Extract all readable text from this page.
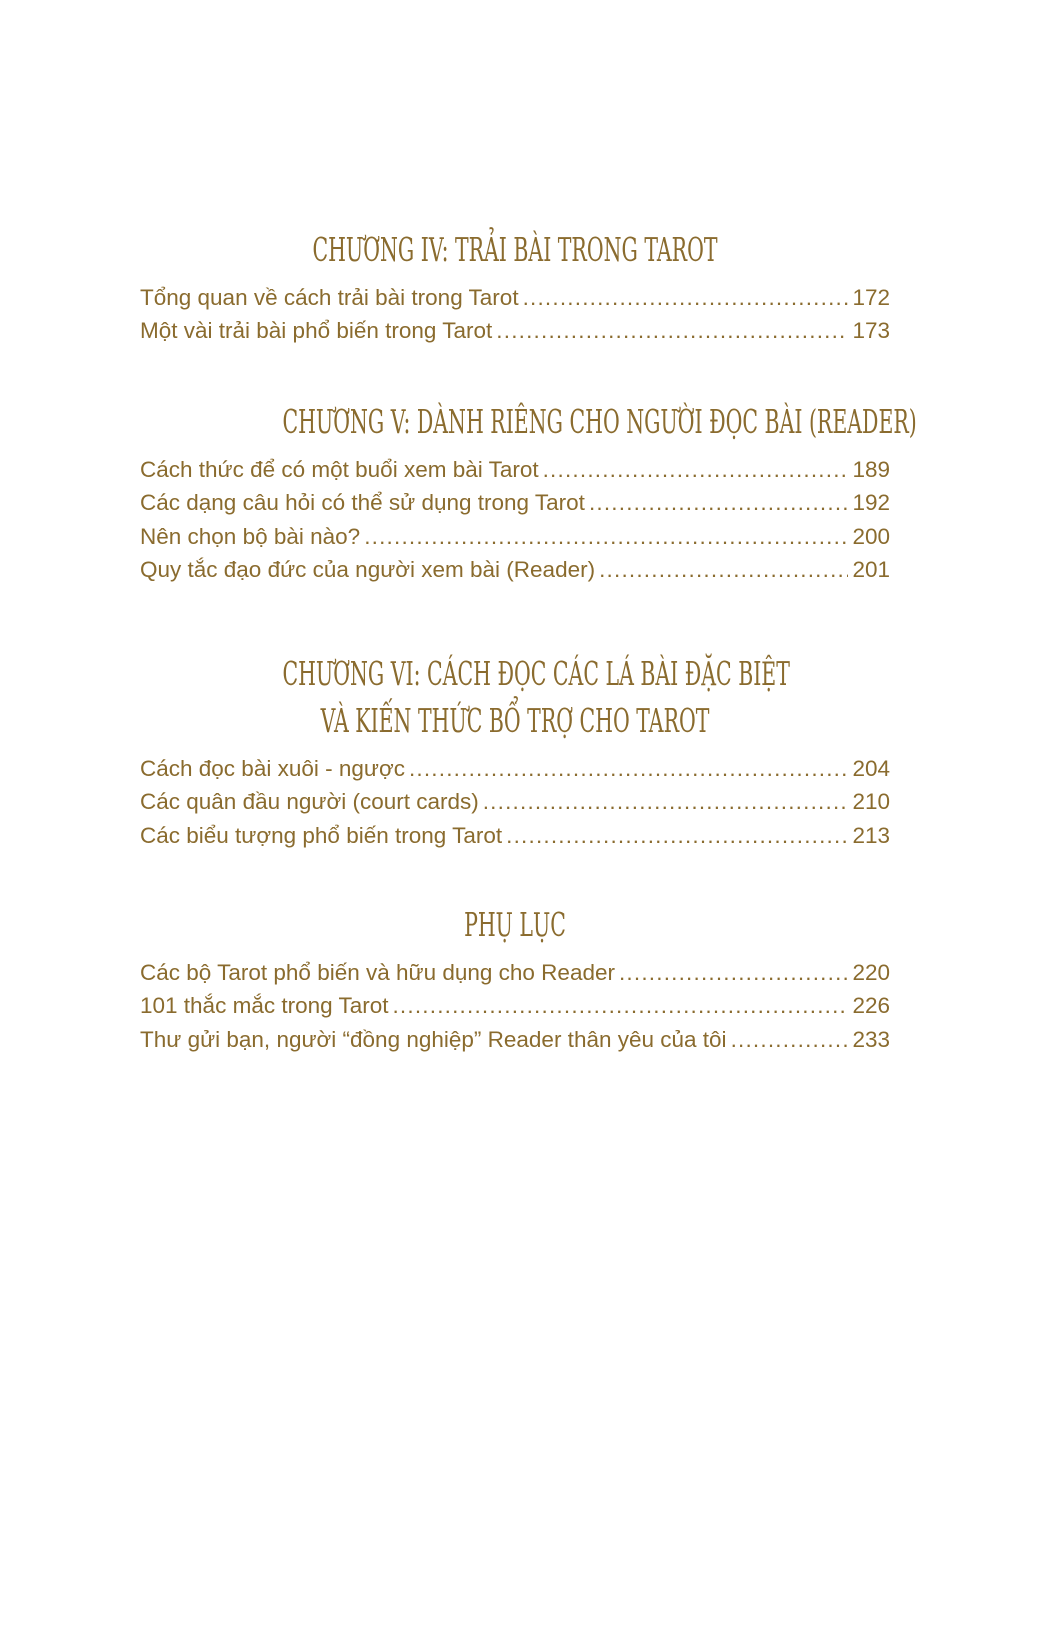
CHƯƠNG IV: TRẢI BÀI TRONG TAROT
Tổng quan về cách trải bài trong Tarot .....	172
Một vài trải bài phổ biến trong Tarot .....	173
CHƯƠNG V: DÀNH RIÊNG CHO NGƯỜI ĐỌC BÀI (READER)
Cách thức để có một buổi xem bài Tarot .....	189
Các dạng câu hỏi có thể sử dụng trong Tarot .....	192
Nên chọn bộ bài nào? .....	200
Quy tắc đạo đức của người xem bài (Reader) .....	201
CHƯƠNG VI: CÁCH ĐỌC CÁC LÁ BÀI ĐẶC BIỆT
VÀ KIẾN THỨC BỔ TRỢ CHO TAROT
Cách đọc bài xuôi - ngược .....	204
Các quân đầu người (court cards) .....	210
Các biểu tượng phổ biến trong Tarot .....	213
PHỤ LỤC
Các bộ Tarot phổ biến và hữu dụng cho Reader .....	220
101 thắc mắc trong Tarot .....	226
Thư gửi bạn, người “đồng nghiệp” Reader thân yêu của tôi .....	233
